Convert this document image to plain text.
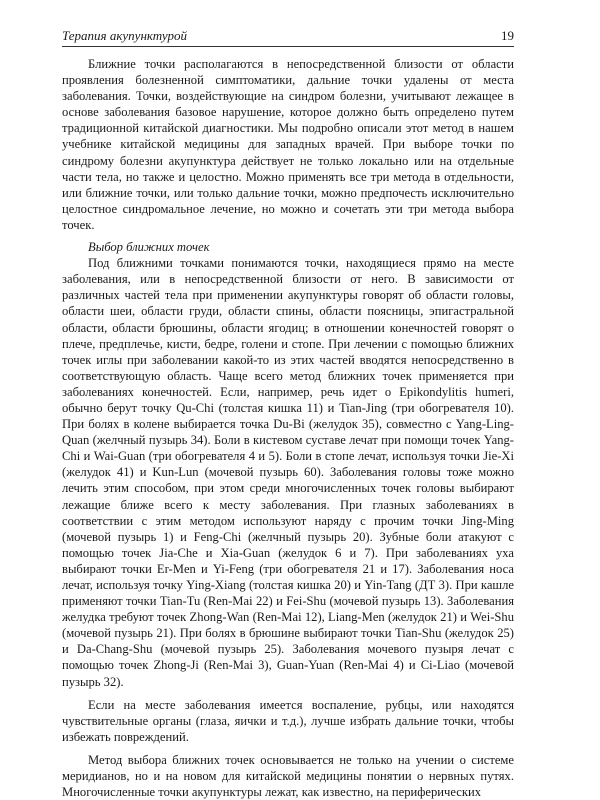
Терапия акупунктурой	19

Ближние точки располагаются в непосредственной близости от области проявления болезненной симптоматики, дальние точки удалены от места заболевания. Точки, воздействующие на синдром болезни, учитывают лежащее в основе заболевания базовое нарушение, которое должно быть определено путем традиционной китайской диагностики. Мы подробно описали этот метод в нашем учебнике китайской медицины для западных врачей. При выборе точки по синдрому болезни акупунктура действует не только локально или на отдельные части тела, но также и целостно. Можно применять все три метода в отдельности, или ближние точки, или только дальние точки, можно предпочесть исключительно целостное синдромальное лечение, но можно и сочетать эти три метода выбора точек.

Выбор ближних точек

Под ближними точками понимаются точки, находящиеся прямо на месте заболевания, или в непосредственной близости от него. В зависимости от различных частей тела при применении акупунктуры говорят об области головы, области шеи, области груди, области спины, области поясницы, эпигастральной области, области брюшины, области ягодиц; в отношении конечностей говорят о плече, предплечье, кисти, бедре, голени и стопе. При лечении с помощью ближних точек иглы при заболевании какой-то из этих частей вводятся непосредственно в соответствующую область. Чаще всего метод ближних точек применяется при заболеваниях конечностей. Если, например, речь идет о Epikondylitis humeri, обычно берут точку Qu-Chi (толстая кишка 11) и Tian-Jing (три обогревателя 10). При болях в колене выбирается точка Du-Bi (желудок 35), совместно с Yang-Ling-Quan (желчный пузырь 34). Боли в кистевом суставе лечат при помощи точек Yang-Chi и Wai-Guan (три обогревателя 4 и 5). Боли в стопе лечат, используя точки Jie-Xi (желудок 41) и Kun-Lun (мочевой пузырь 60). Заболевания головы тоже можно лечить этим способом, при этом среди многочисленных точек головы выбирают лежащие ближе всего к месту заболевания. При глазных заболеваниях в соответствии с этим методом используют наряду с прочим точки Jing-Ming (мочевой пузырь 1) и Feng-Chi (желчный пузырь 20). Зубные боли атакуют с помощью точек Jia-Che и Xia-Guan (желудок 6 и 7). При заболеваниях уха выбирают точки Er-Men и Yi-Feng (три обогревателя 21 и 17). Заболевания носа лечат, используя точку Ying-Xiang (толстая кишка 20) и Yin-Tang (ДТ 3). При кашле применяют точки Tian-Tu (Ren-Mai 22) и Fei-Shu (мочевой пузырь 13). Заболевания желудка требуют точек Zhong-Wan (Ren-Mai 12), Liang-Men (желудок 21) и Wei-Shu (мочевой пузырь 21). При болях в брюшине выбирают точки Tian-Shu (желудок 25) и Da-Chang-Shu (мочевой пузырь 25). Заболевания мочевого пузыря лечат с помощью точек Zhong-Ji (Ren-Mai 3), Guan-Yuan (Ren-Mai 4) и Ci-Liao (мочевой пузырь 32).

Если на месте заболевания имеется воспаление, рубцы, или находятся чувствительные органы (глаза, яички и т.д.), лучше избрать дальние точки, чтобы избежать повреждений.

Метод выбора ближних точек основывается не только на учении о системе меридианов, но и на новом для китайской медицины понятии о нервных путях. Многочисленные точки акупунктуры лежат, как известно, на периферических
